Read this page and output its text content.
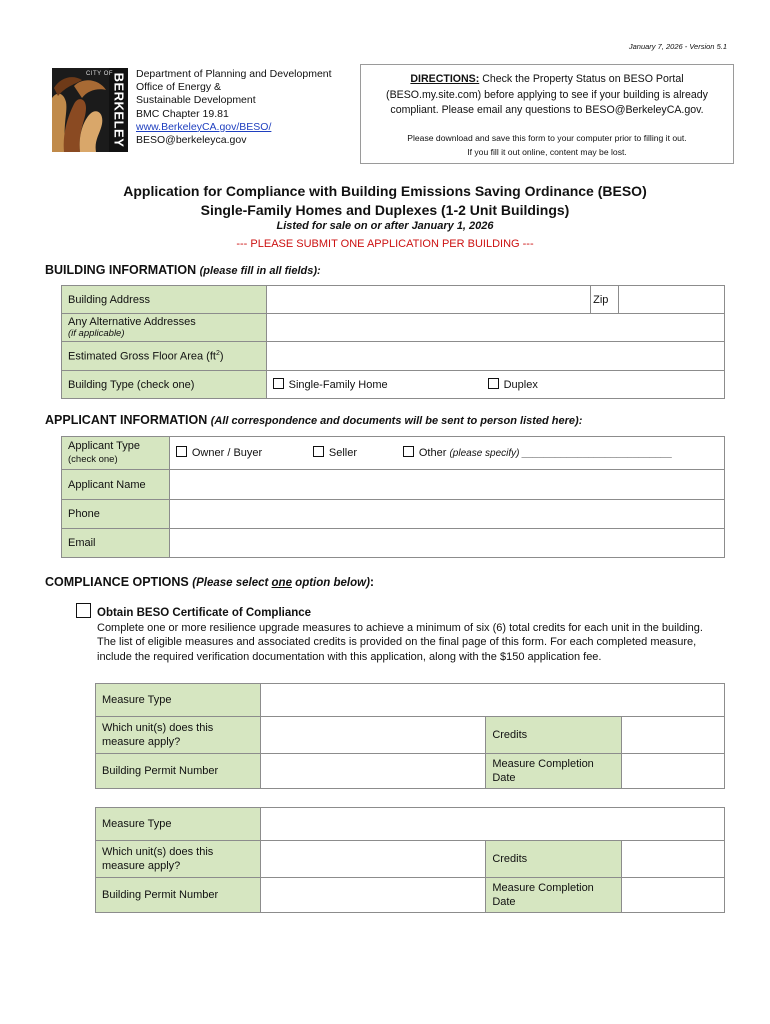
January 7, 2026 - Version 5.1
CITY OF
BERKELEY Department of Planning and Development
Office of Energy &
Sustainable Development
BMC Chapter 19.81
www.BerkeleyCA.gov/BESO/
BESO@berkeleyca.gov
DIRECTIONS: Check the Property Status on BESO Portal (BESO.my.site.com) before applying to see if your building is already compliant. Please email any questions to BESO@BerkeleyCA.gov.
Please download and save this form to your computer prior to filling it out.
If you fill it out online, content may be lost.
Application for Compliance with Building Emissions Saving Ordinance (BESO)
Single-Family Homes and Duplexes (1-2 Unit Buildings)
Listed for sale on or after January 1, 2026
--- PLEASE SUBMIT ONE APPLICATION PER BUILDING ---
BUILDING INFORMATION (please fill in all fields):
Building Address		Zip	

Any Alternative Addresses
(if applicable)			

Estimated Gross Floor Area $(ft^2)$			
Building Type (check one)	Single-Family Home Duplex		
APPLICANT INFORMATION (All correspondence and documents will be sent to person listed here):
Applicant Type
(check one)	Owner / Buyer Seller Other (please specify) ___________________________
Applicant Name	
Phone	
Email	
COMPLIANCE OPTIONS (Please select one option below):
Obtain BESO Certificate of Compliance
Complete one or more resilience upgrade measures to achieve a minimum of six (6) total credits for each unit in the building. The list of eligible measures and associated credits is provided on the final page of this form. For each completed measure, include the required verification documentation with this application, along with the $150 application fee.
Measure Type			
Which unit(s) does this measure apply?		Credits	
Building Permit Number		Measure Completion Date	
Measure Type			
Which unit(s) does this measure apply?		Credits	
Building Permit Number		Measure Completion Date	
